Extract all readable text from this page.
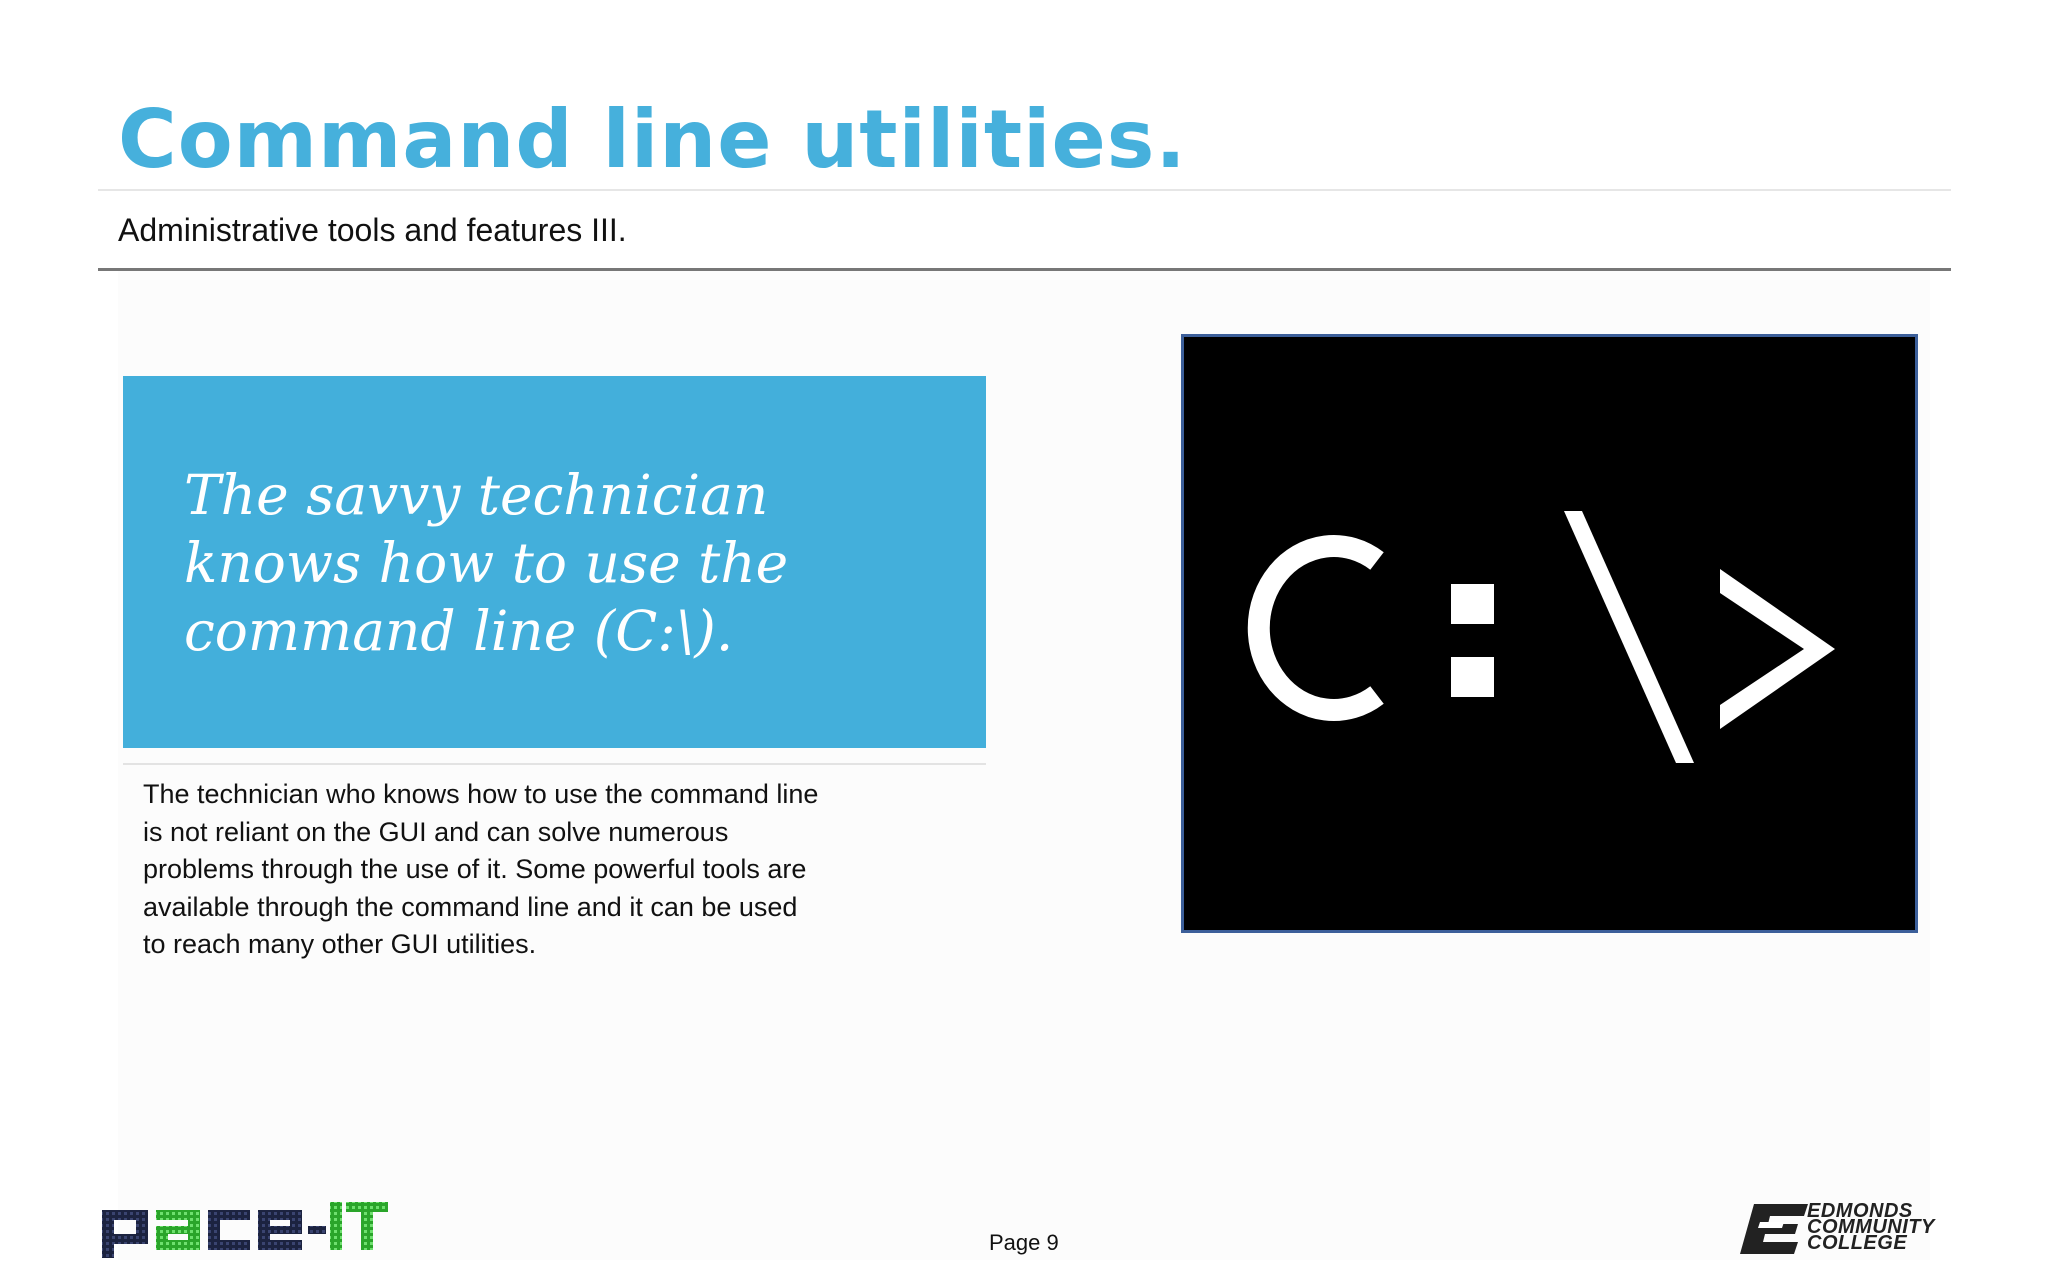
Command line utilities.
Administrative tools and features III.
The savvy technician knows how to use the command line (C:\).
The technician who knows how to use the command line is not reliant on the GUI and can solve numerous problems through the use of it. Some powerful tools are available through the command line and it can be used to reach many other GUI utilities.
Page 9
EDMONDS
COMMUNITY
COLLEGE
